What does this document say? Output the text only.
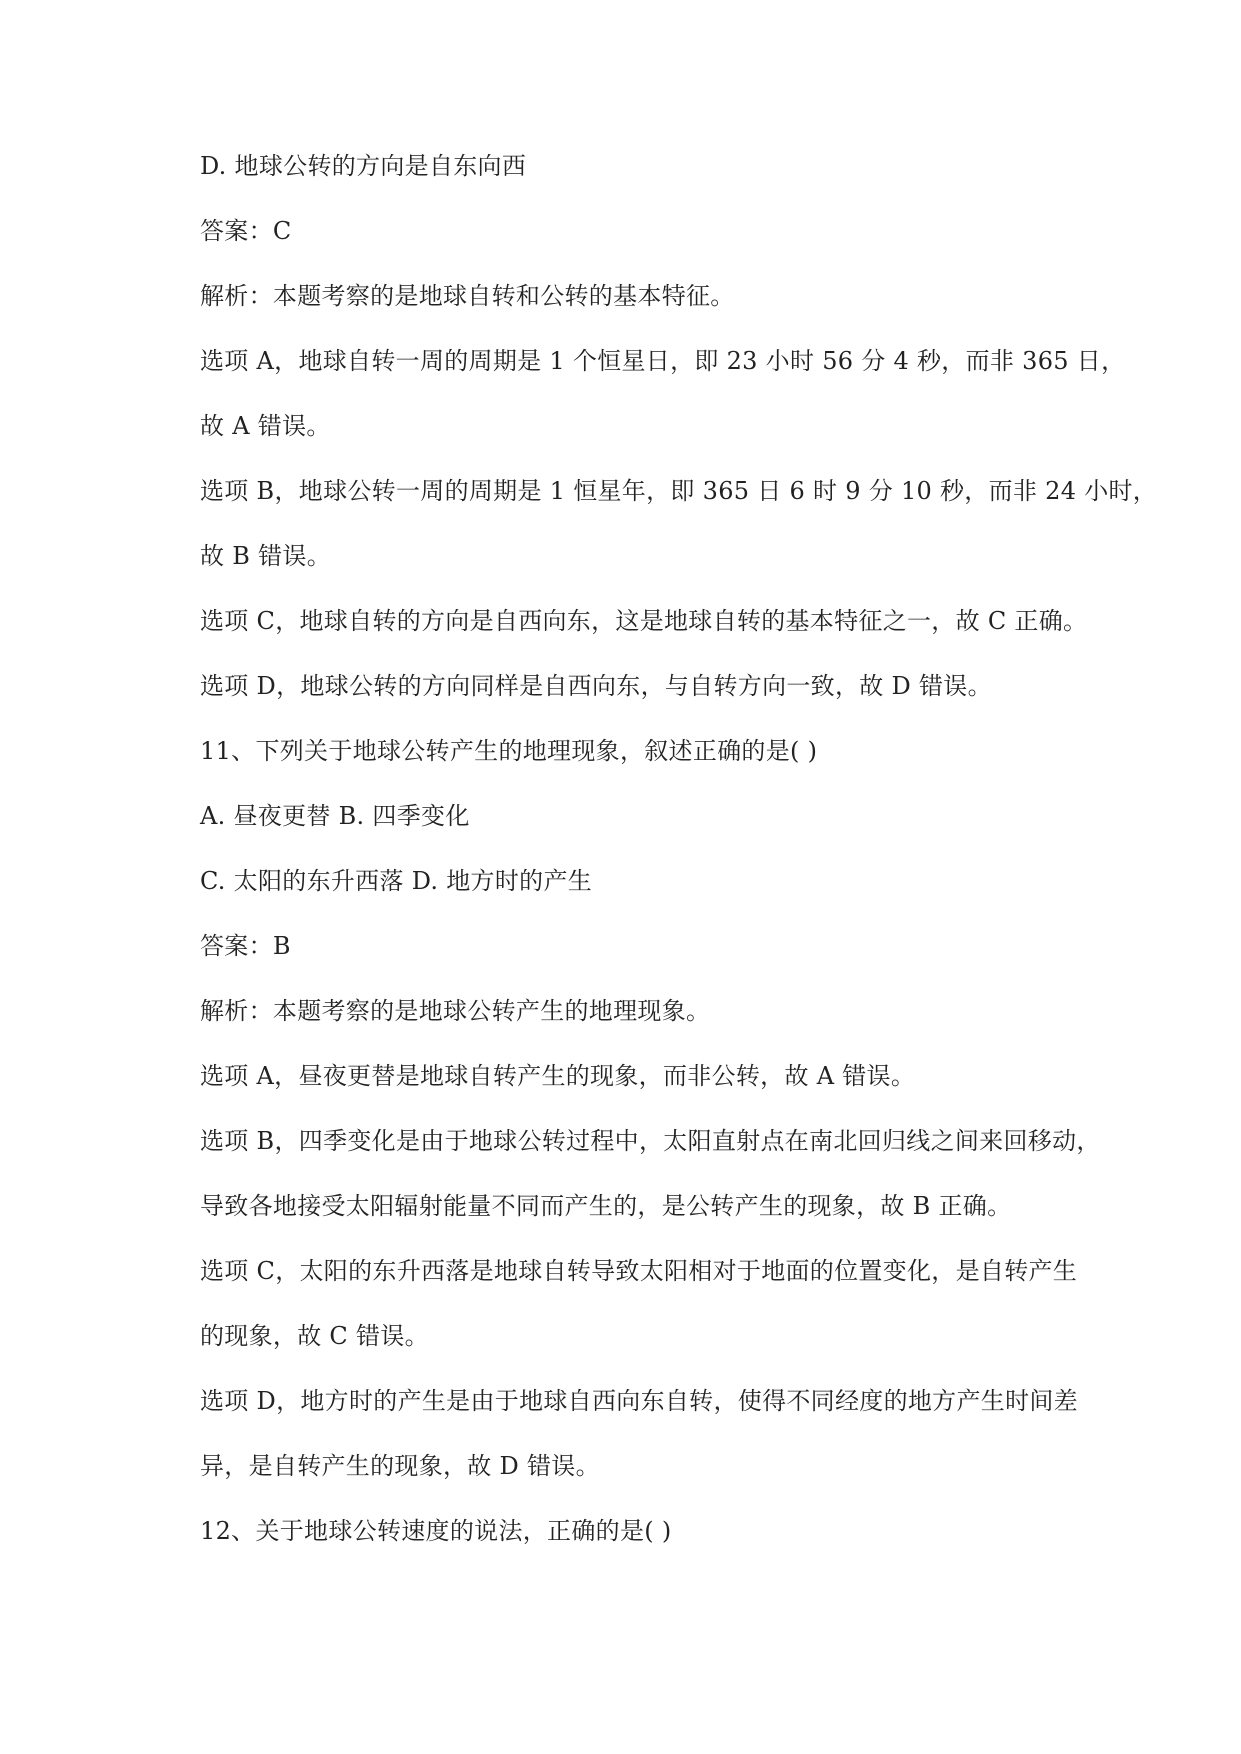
D. 地球公转的方向是自东向西
答案：C
解析：本题考察的是地球自转和公转的基本特征。
选项 A，地球自转一周的周期是 1 个恒星日，即 23 小时 56 分 4 秒，而非 365 日，
故 A 错误。
选项 B，地球公转一周的周期是 1 恒星年，即 365 日 6 时 9 分 10 秒，而非 24 小时，
故 B 错误。
选项 C，地球自转的方向是自西向东，这是地球自转的基本特征之一，故 C 正确。
选项 D，地球公转的方向同样是自西向东，与自转方向一致，故 D 错误。
11、下列关于地球公转产生的地理现象，叙述正确的是( )
A. 昼夜更替 B. 四季变化
C. 太阳的东升西落 D. 地方时的产生
答案：B
解析：本题考察的是地球公转产生的地理现象。
选项 A，昼夜更替是地球自转产生的现象，而非公转，故 A 错误。
选项 B，四季变化是由于地球公转过程中，太阳直射点在南北回归线之间来回移动，
导致各地接受太阳辐射能量不同而产生的，是公转产生的现象，故 B 正确。
选项 C，太阳的东升西落是地球自转导致太阳相对于地面的位置变化，是自转产生
的现象，故 C 错误。
选项 D，地方时的产生是由于地球自西向东自转，使得不同经度的地方产生时间差
异，是自转产生的现象，故 D 错误。
12、关于地球公转速度的说法，正确的是( )
